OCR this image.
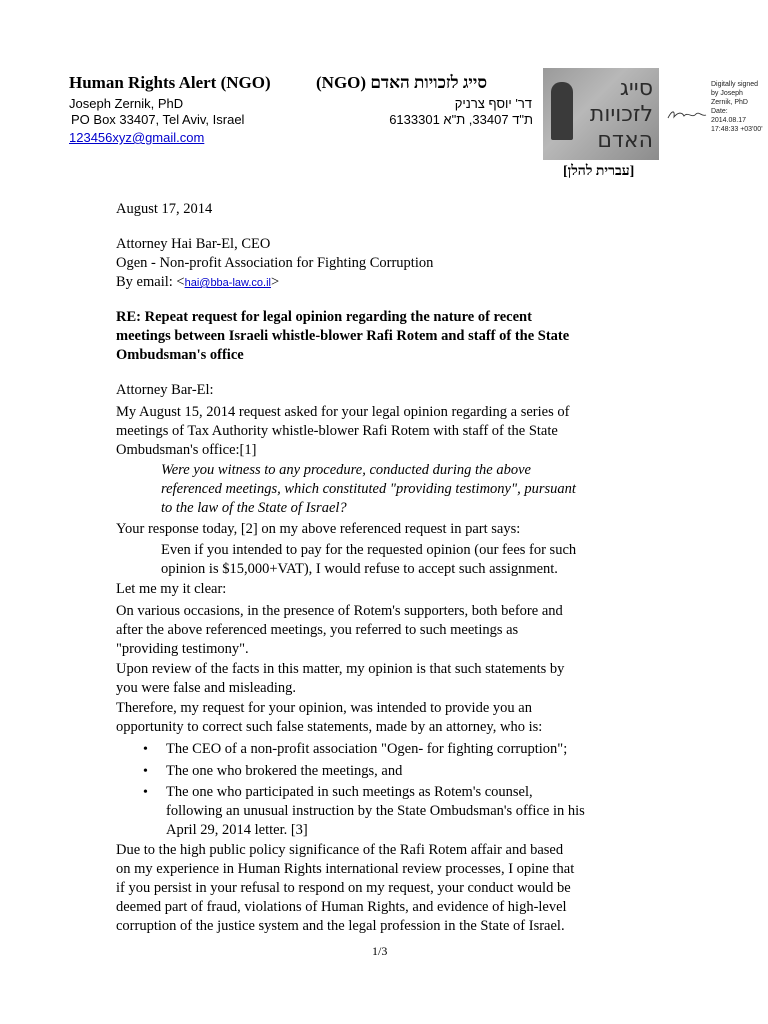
Human Rights Alert (NGO)	סייג לזכויות האדם (NGO)
Joseph Zernik, PhD
PO Box 33407, Tel Aviv, Israel
123456xyz@gmail.com
דר' יוסף צרניק
ת"ד 33407, ת"א 6133301
סייג
לזכויות
האדם
Digitally signed by Joseph Zernik, PhD Date: 2014.08.17 17:48:33 +03'00'
[עברית להלן]
August 17, 2014
Attorney Hai Bar-El, CEO
Ogen - Non-profit Association for Fighting Corruption
By email: <hai@bba-law.co.il>
RE: Repeat request for legal opinion regarding the nature of recent
meetings between Israeli whistle-blower Rafi Rotem and staff of the State
Ombudsman's office
Attorney Bar-El:
My August 15, 2014 request asked for your legal opinion regarding a series of
meetings of Tax Authority whistle-blower Rafi Rotem with staff of the State
Ombudsman's office:[1]
Were you witness to any procedure, conducted during the above
referenced meetings, which constituted "providing testimony", pursuant
to the law of the State of Israel?
Your response today, [2] on my above referenced request in part says:
Even if you intended to pay for the requested opinion (our fees for such
opinion is $15,000+VAT), I would refuse to accept such assignment.
Let me my it clear:
On various occasions, in the presence of Rotem's supporters, both before and
after the above referenced meetings, you referred to such meetings as
"providing testimony".
Upon review of the facts in this matter, my opinion is that such statements by
you were false and misleading.
Therefore, my request for your opinion, was intended to provide you an
opportunity to correct such false statements, made by an attorney, who is:
• The CEO of a non-profit association "Ogen- for fighting corruption";
• The one who brokered the meetings, and
• The one who participated in such meetings as Rotem's counsel,
following an unusual instruction by the State Ombudsman's office in his
April 29, 2014 letter. [3]
Due to the high public policy significance of the Rafi Rotem affair and based
on my experience in Human Rights international review processes, I opine that
if you persist in your refusal to respond on my request, your conduct would be
deemed part of fraud, violations of Human Rights, and evidence of high-level
corruption of the justice system and the legal profession in the State of Israel.
1/3
